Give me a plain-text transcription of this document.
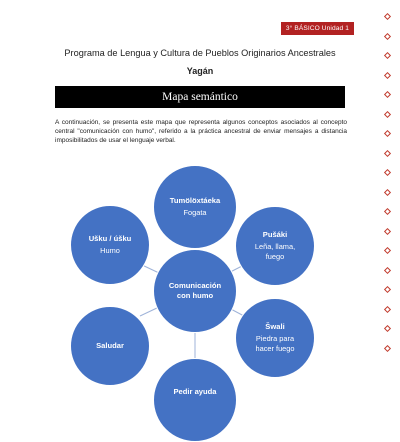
3° BÁSICO Unidad 1
Programa de Lengua y Cultura de Pueblos Originarios Ancestrales
Yagán
Mapa semántico
A continuación, se presenta este mapa que representa algunos conceptos asociados al concepto central "comunicación con humo", referido a la práctica ancestral de enviar mensajes a distancia imposibilitados de usar el lenguaje verbal.
Tumölöxtáeka
Fogata
Pušáki
Leña, llama, fuego
Šwali
Piedra para hacer fuego
Pedir ayuda
Saludar
Ušku / úšku
Humo
Comunicación con humo
